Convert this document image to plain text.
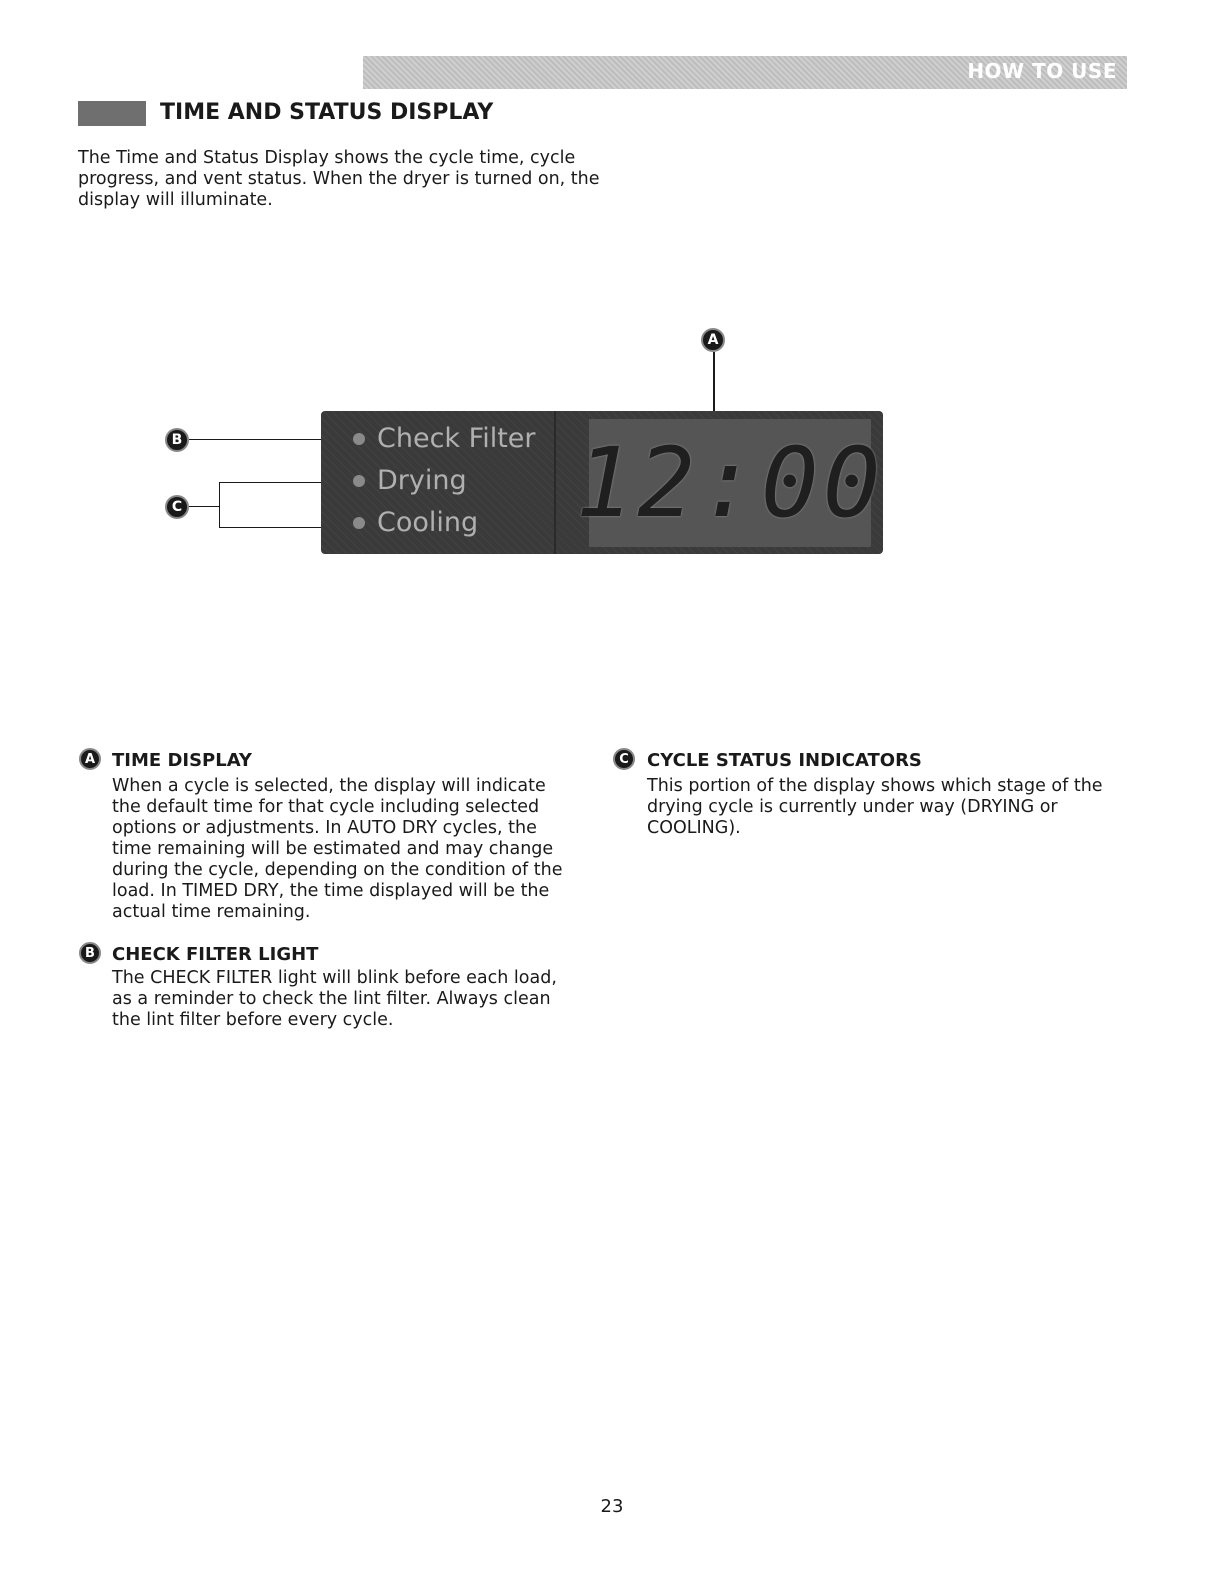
HOW TO USE
TIME AND STATUS DISPLAY

The Time and Status Display shows the cycle time, cycle progress, and vent status. When the dryer is turned on, the display will illuminate.

A
B
C
Check Filter
Drying
Cooling 12:00
A TIME DISPLAY

When a cycle is selected, the display will indicate the default time for that cycle including selected options or adjustments. In AUTO DRY cycles, the time remaining will be estimated and may change during the cycle, depending on the condition of the load. In TIMED DRY, the time displayed will be the actual time remaining.

B CHECK FILTER LIGHT

The CHECK FILTER light will blink before each load, as a reminder to check the lint filter. Always clean the lint filter before every cycle.

C	CYCLE STATUS INDICATORS

This portion of the display shows which stage of the drying cycle is currently under way (DRYING or COOLING).

23
